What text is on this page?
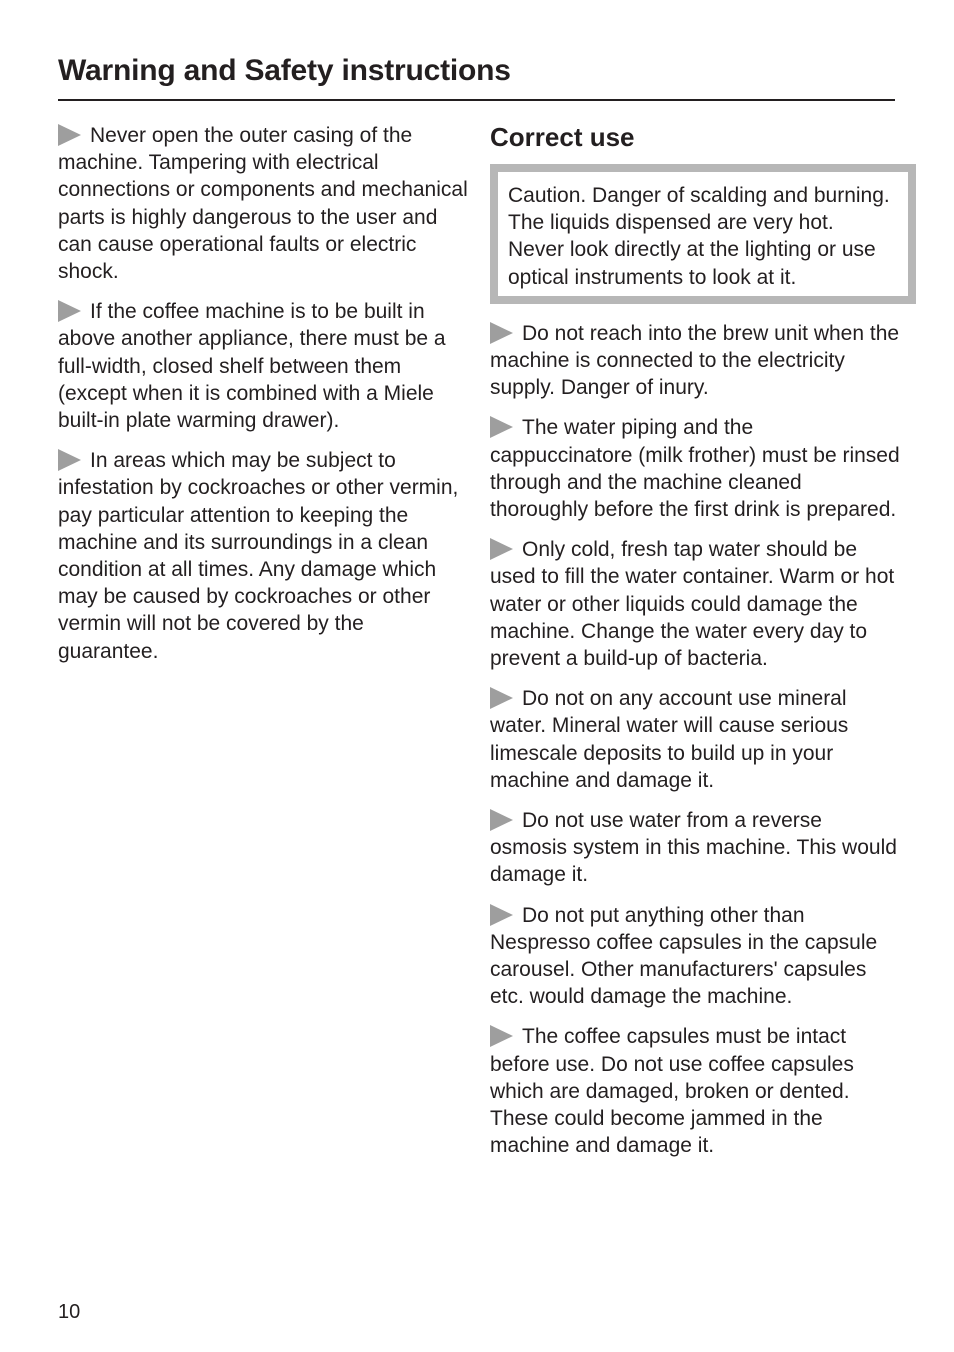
Warning and Safety instructions

Never open the outer casing of the machine. Tampering with electrical connections or components and mechanical parts is highly dangerous to the user and can cause operational faults or electric shock.

If the coffee machine is to be built in above another appliance, there must be a full-width, closed shelf between them (except when it is combined with a Miele built-in plate warming drawer).

In areas which may be subject to infestation by cockroaches or other vermin, pay particular attention to keeping the machine and its surroundings in a clean condition at all times. Any damage which may be caused by cockroaches or other vermin will not be covered by the guarantee.

Correct use

Caution. Danger of scalding and burning. The liquids dispensed are very hot.

Never look directly at the lighting or use optical instruments to look at it.

Do not reach into the brew unit when the machine is connected to the electricity supply. Danger of inury.

The water piping and the cappuccinatore (milk frother) must be rinsed through and the machine cleaned thoroughly before the first drink is prepared.

Only cold, fresh tap water should be used to fill the water container. Warm or hot water or other liquids could damage the machine. Change the water every day to prevent a build-up of bacteria.

Do not on any account use mineral water. Mineral water will cause serious limescale deposits to build up in your machine and damage it.

Do not use water from a reverse osmosis system in this machine. This would damage it.

Do not put anything other than Nespresso coffee capsules in the capsule carousel. Other manufacturers' capsules etc. would damage the machine.

The coffee capsules must be intact before use. Do not use coffee capsules which are damaged, broken or dented. These could become jammed in the machine and damage it.

10
